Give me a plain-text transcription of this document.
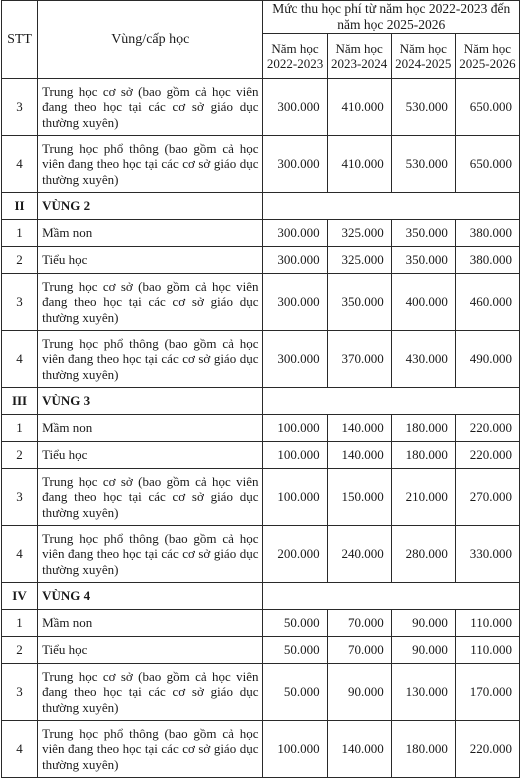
STT	Vùng/cấp học	Mức thu học phí từ năm học 2022-2023 đến năm học 2025-2026			
		Năm học 2022-2023	Năm học 2023-2024	Năm học 2024-2025	Năm học 2025-2026
3	Trung học cơ sở (bao gồm cả học viên đang theo học tại các cơ sở giáo dục thường xuyên)	300.000	410.000	530.000	650.000
4	Trung học phổ thông (bao gồm cả học viên đang theo học tại các cơ sở giáo dục thường xuyên)	300.000	410.000	530.000	650.000
II	VÙNG 2				
1	Mầm non	300.000	325.000	350.000	380.000
2	Tiểu học	300.000	325.000	350.000	380.000
3	Trung học cơ sở (bao gồm cả học viên đang theo học tại các cơ sở giáo dục thường xuyên)	300.000	350.000	400.000	460.000
4	Trung học phổ thông (bao gồm cả học viên đang theo học tại các cơ sở giáo dục thường xuyên)	300.000	370.000	430.000	490.000
III	VÙNG 3				
1	Mầm non	100.000	140.000	180.000	220.000
2	Tiểu học	100.000	140.000	180.000	220.000
3	Trung học cơ sở (bao gồm cả học viên đang theo học tại các cơ sở giáo dục thường xuyên)	100.000	150.000	210.000	270.000
4	Trung học phổ thông (bao gồm cả học viên đang theo học tại các cơ sở giáo dục thường xuyên)	200.000	240.000	280.000	330.000
IV	VÙNG 4				
1	Mầm non	50.000	70.000	90.000	110.000
2	Tiểu học	50.000	70.000	90.000	110.000
3	Trung học cơ sở (bao gồm cả học viên đang theo học tại các cơ sở giáo dục thường xuyên)	50.000	90.000	130.000	170.000
4	Trung học phổ thông (bao gồm cả học viên đang theo học tại các cơ sở giáo dục thường xuyên)	100.000	140.000	180.000	220.000
